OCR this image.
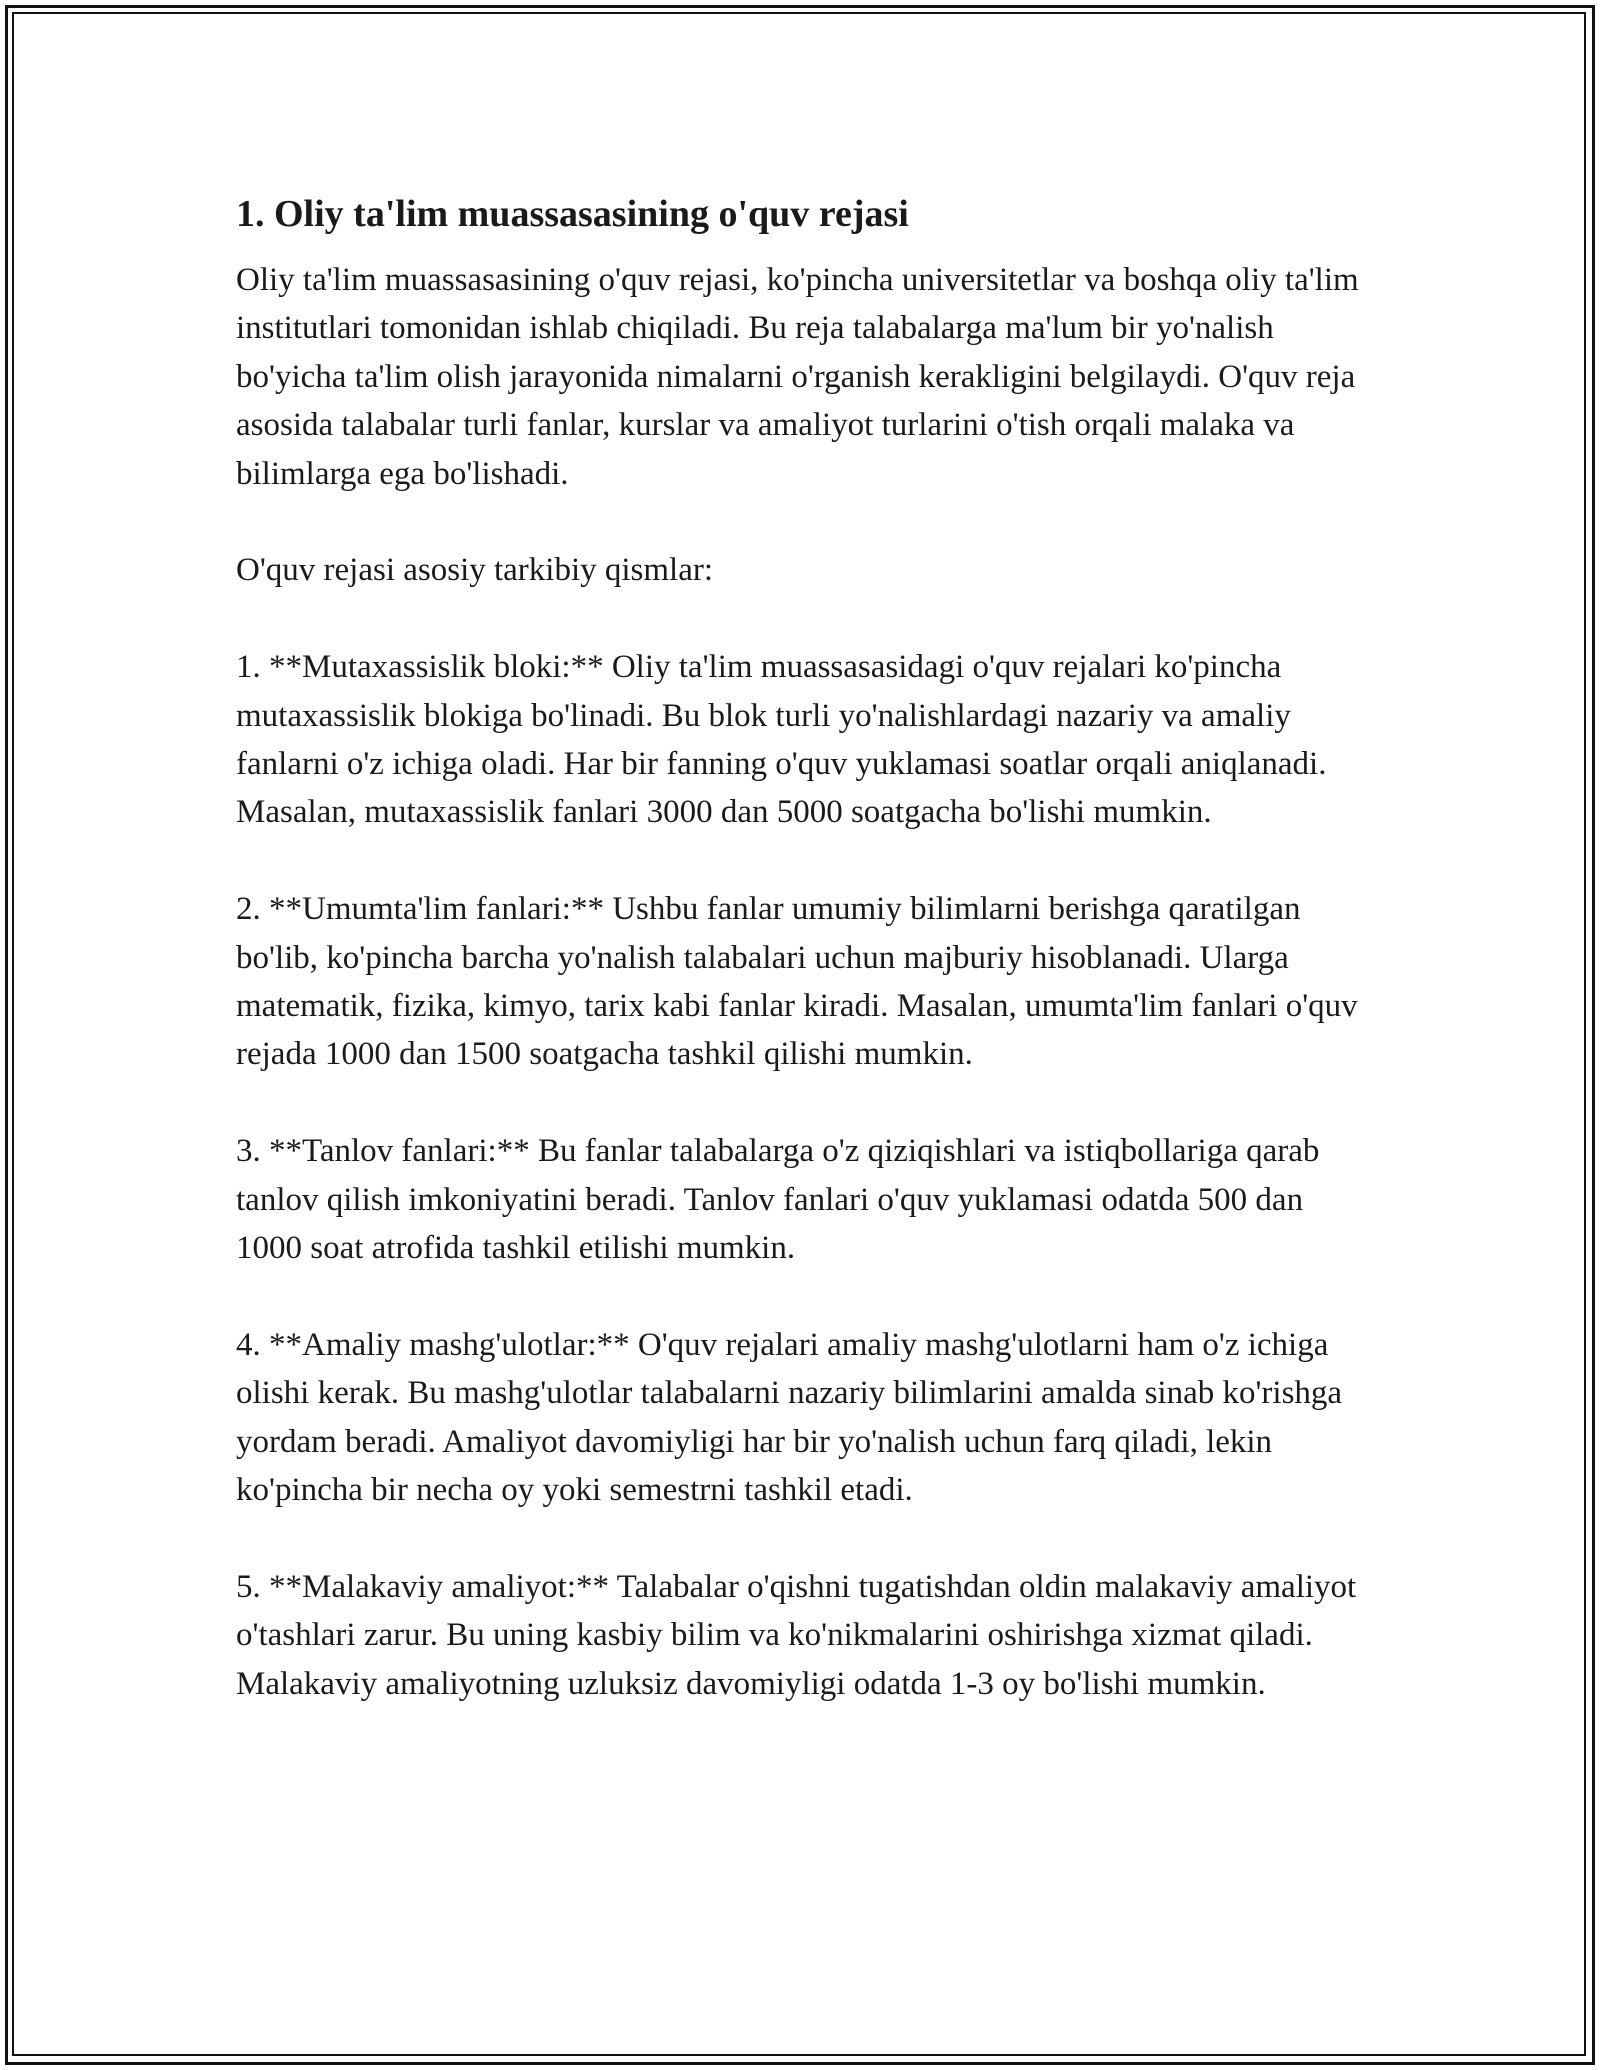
1. Oliy ta'lim muassasasining o'quv rejasi

Oliy ta'lim muassasasining o'quv rejasi, ko'pincha universitetlar va boshqa oliy ta'lim institutlari tomonidan ishlab chiqiladi. Bu reja talabalarga ma'lum bir yo'nalish bo'yicha ta'lim olish jarayonida nimalarni o'rganish kerakligini belgilaydi. O'quv reja asosida talabalar turli fanlar, kurslar va amaliyot turlarini o'tish orqali malaka va bilimlarga ega bo'lishadi.

O'quv rejasi asosiy tarkibiy qismlar:

1. **Mutaxassislik bloki:** Oliy ta'lim muassasasidagi o'quv rejalari ko'pincha mutaxassislik blokiga bo'linadi. Bu blok turli yo'nalishlardagi nazariy va amaliy fanlarni o'z ichiga oladi. Har bir fanning o'quv yuklamasi soatlar orqali aniqlanadi. Masalan, mutaxassislik fanlari 3000 dan 5000 soatgacha bo'lishi mumkin.

2. **Umumta'lim fanlari:** Ushbu fanlar umumiy bilimlarni berishga qaratilgan bo'lib, ko'pincha barcha yo'nalish talabalari uchun majburiy hisoblanadi. Ularga matematik, fizika, kimyo, tarix kabi fanlar kiradi. Masalan, umumta'lim fanlari o'quv rejada 1000 dan 1500 soatgacha tashkil qilishi mumkin.

3. **Tanlov fanlari:** Bu fanlar talabalarga o'z qiziqishlari va istiqbollariga qarab tanlov qilish imkoniyatini beradi. Tanlov fanlari o'quv yuklamasi odatda 500 dan 1000 soat atrofida tashkil etilishi mumkin.

4. **Amaliy mashg'ulotlar:** O'quv rejalari amaliy mashg'ulotlarni ham o'z ichiga olishi kerak. Bu mashg'ulotlar talabalarni nazariy bilimlarini amalda sinab ko'rishga yordam beradi. Amaliyot davomiyligi har bir yo'nalish uchun farq qiladi, lekin ko'pincha bir necha oy yoki semestrni tashkil etadi.

5. **Malakaviy amaliyot:** Talabalar o'qishni tugatishdan oldin malakaviy amaliyot o'tashlari zarur. Bu uning kasbiy bilim va ko'nikmalarini oshirishga xizmat qiladi. Malakaviy amaliyotning uzluksiz davomiyligi odatda 1-3 oy bo'lishi mumkin.
